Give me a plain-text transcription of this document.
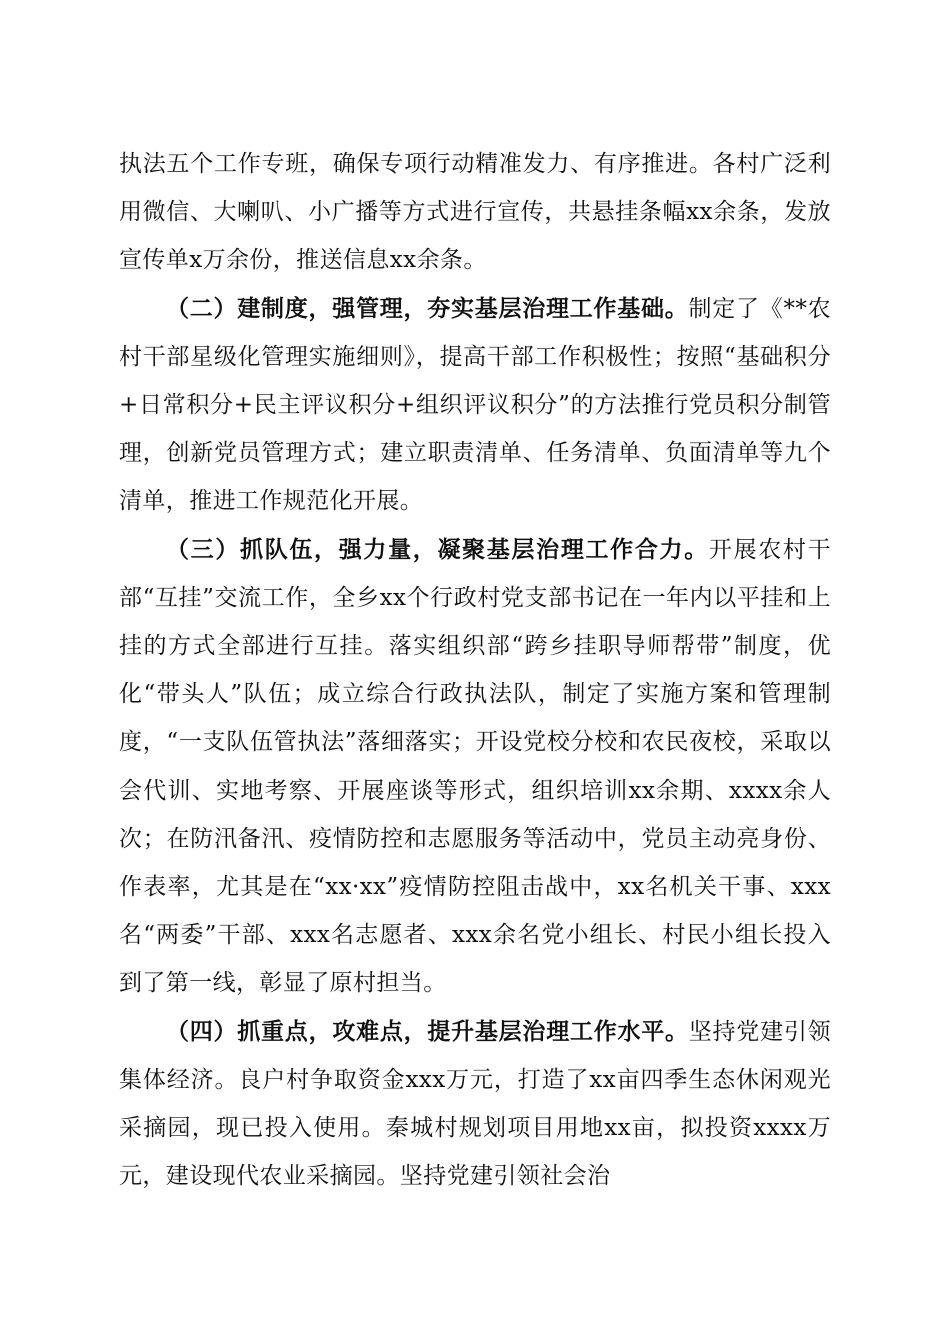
执法五个工作专班，确保专项行动精准发力、有序推进。各村广泛利用微信、大喇叭、小广播等方式进行宣传，共悬挂条幅xx余条，发放宣传单x万余份，推送信息xx余条。

（二）建制度，强管理，夯实基层治理工作基础。制定了《**农村干部星级化管理实施细则》，提高干部工作积极性；按照“基础积分+日常积分+民主评议积分+组织评议积分”的方法推行党员积分制管理，创新党员管理方式；建立职责清单、任务清单、负面清单等九个清单，推进工作规范化开展。

（三）抓队伍，强力量，凝聚基层治理工作合力。开展农村干部“互挂”交流工作，全乡xx个行政村党支部书记在一年内以平挂和上挂的方式全部进行互挂。落实组织部“跨乡挂职导师帮带”制度，优化“带头人”队伍；成立综合行政执法队，制定了实施方案和管理制度，“一支队伍管执法”落细落实；开设党校分校和农民夜校，采取以会代训、实地考察、开展座谈等形式，组织培训xx余期、xxxx余人次；在防汛备汛、疫情防控和志愿服务等活动中，党员主动亮身份、作表率，尤其是在“xx·xx”疫情防控阻击战中，xx名机关干事、xxx名“两委”干部、xxx名志愿者、xxx余名党小组长、村民小组长投入到了第一线，彰显了原村担当。

（四）抓重点，攻难点，提升基层治理工作水平。坚持党建引领集体经济。良户村争取资金xxx万元，打造了xx亩四季生态休闲观光采摘园，现已投入使用。秦城村规划项目用地xx亩，拟投资xxxx万元，建设现代农业采摘园。坚持党建引领社会治
